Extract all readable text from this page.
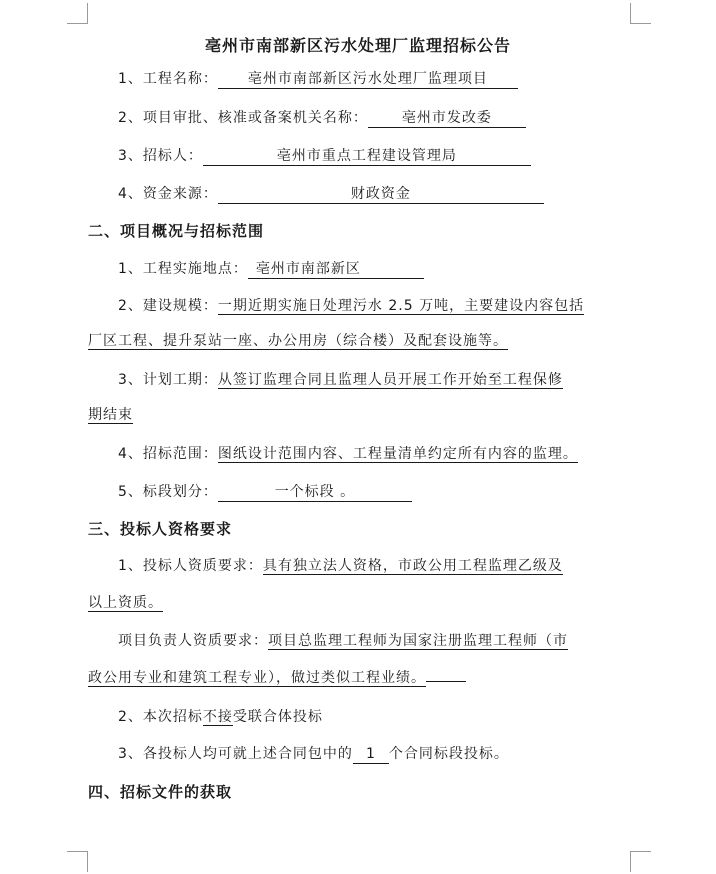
亳州市南部新区污水处理厂监理招标公告
1、工程名称： 亳州市南部新区污水处理厂监理项目
2、项目审批、核准或备案机关名称： 亳州市发改委
3、招标人：	亳州市重点工程建设管理局
4、资金来源：	财政资金
二、项目概况与招标范围
1、工程实施地点： 亳州市南部新区
2、建设规模：一期近期实施日处理污水 2.5 万吨，主要建设内容包括
厂区工程、提升泵站一座、办公用房（综合楼）及配套设施等。
3、计划工期：从签订监理合同且监理人员开展工作开始至工程保修
期结束
4、招标范围：图纸设计范围内容、工程量清单约定所有内容的监理。
5、标段划分：	一个标段 。
三、投标人资格要求
1、投标人资质要求：具有独立法人资格，市政公用工程监理乙级及
以上资质。
项目负责人资质要求：项目总监理工程师为国家注册监理工程师（市
政公用专业和建筑工程专业），做过类似工程业绩。
2、本次招标不接受联合体投标
3、各投标人均可就上述合同包中的 1 个合同标段投标。
四、招标文件的获取
